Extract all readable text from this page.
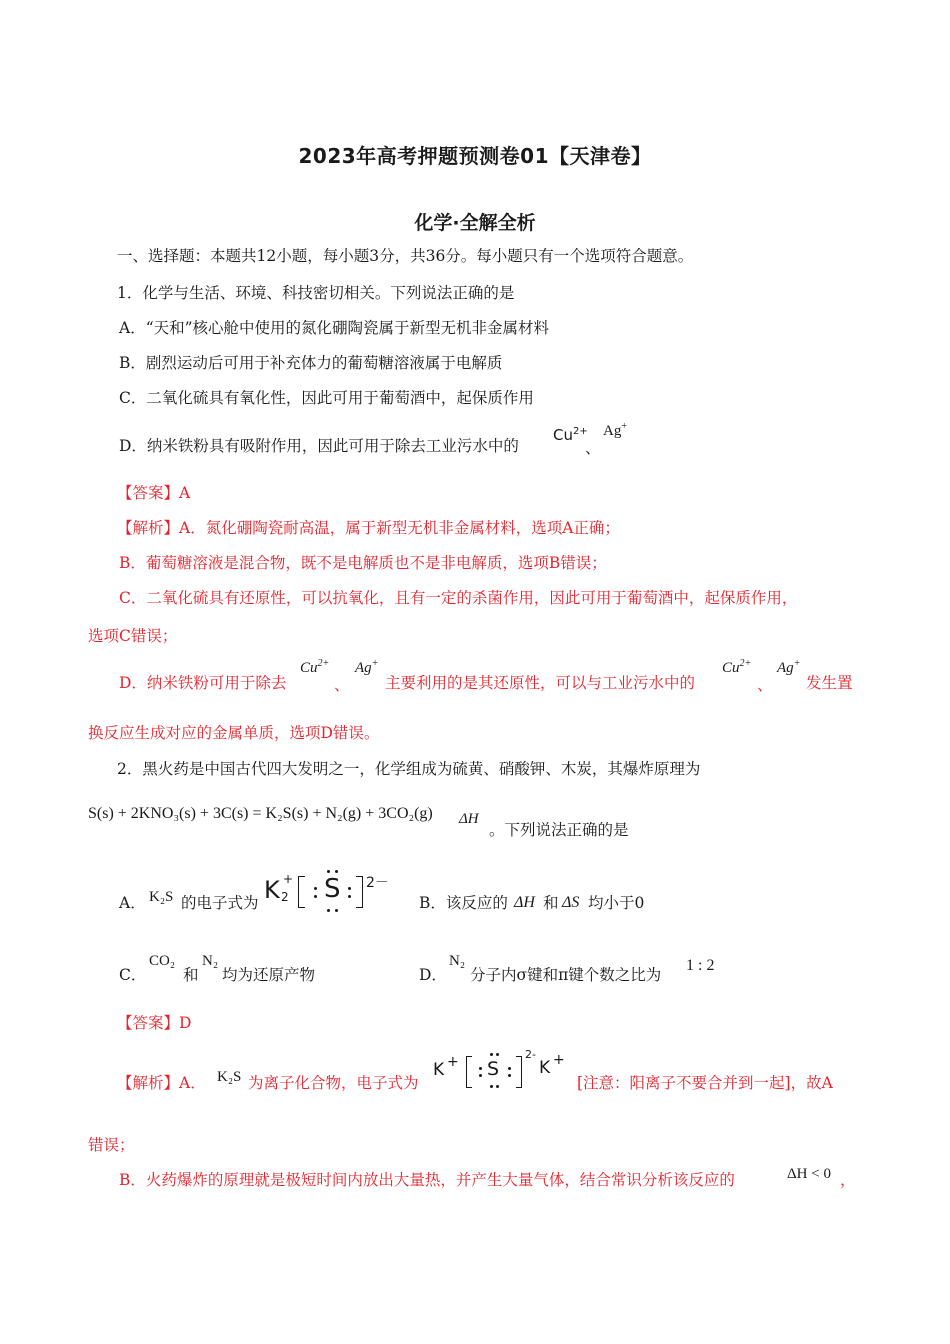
2023年高考押题预测卷01【天津卷】
化学·全解全析
一、选择题：本题共12小题，每小题3分，共36分。每小题只有一个选项符合题意。
1．化学与生活、环境、科技密切相关。下列说法正确的是
A．“天和”核心舱中使用的氮化硼陶瓷属于新型无机非金属材料
B．剧烈运动后可用于补充体力的葡萄糖溶液属于电解质
C．二氧化硫具有氧化性，因此可用于葡萄酒中，起保质作用
D．纳米铁粉具有吸附作用，因此可用于除去工业污水中的
$Cu^{2+}$
、
Ag+
【答案】A
【解析】A．氮化硼陶瓷耐高温，属于新型无机非金属材料，选项A正确；
B．葡萄糖溶液是混合物，既不是电解质也不是非电解质，选项B错误；
C．二氧化硫具有还原性，可以抗氧化，且有一定的杀菌作用，因此可用于葡萄酒中，起保质作用，
选项C错误；
D．纳米铁粉可用于除去
$Cu^{2+}$
、
Ag+
主要利用的是其还原性，可以与工业污水中的
$Cu^{2+}$
、
Ag+
发生置
换反应生成对应的金属单质，选项D错误。
2．黑火药是中国古代四大发明之一，化学组成为硫黄、硝酸钾、木炭，其爆炸原理为
S(s) + 2KNO₃(s) + 3C(s) = K₂S(s) + N₂(g) + 3CO₂(g) ΔH
。下列说法正确的是
A． K₂S 的电子式为 K 2
+ S 2－
B．该反应的 ΔH 和 ΔS 均小于0
C．
CO₂
和
N₂
均为还原产物	D．
N₂
分子内σ键和π键个数之比为
1 : 2
【答案】D
【解析】A． K₂S 为离子化合物，电子式为
K + S
2-
K +
[注意：阳离子不要合并到一起]，故A
错误；
B．火药爆炸的原理就是极短时间内放出大量热，并产生大量气体，结合常识分析该反应的	ΔH < 0 ，
